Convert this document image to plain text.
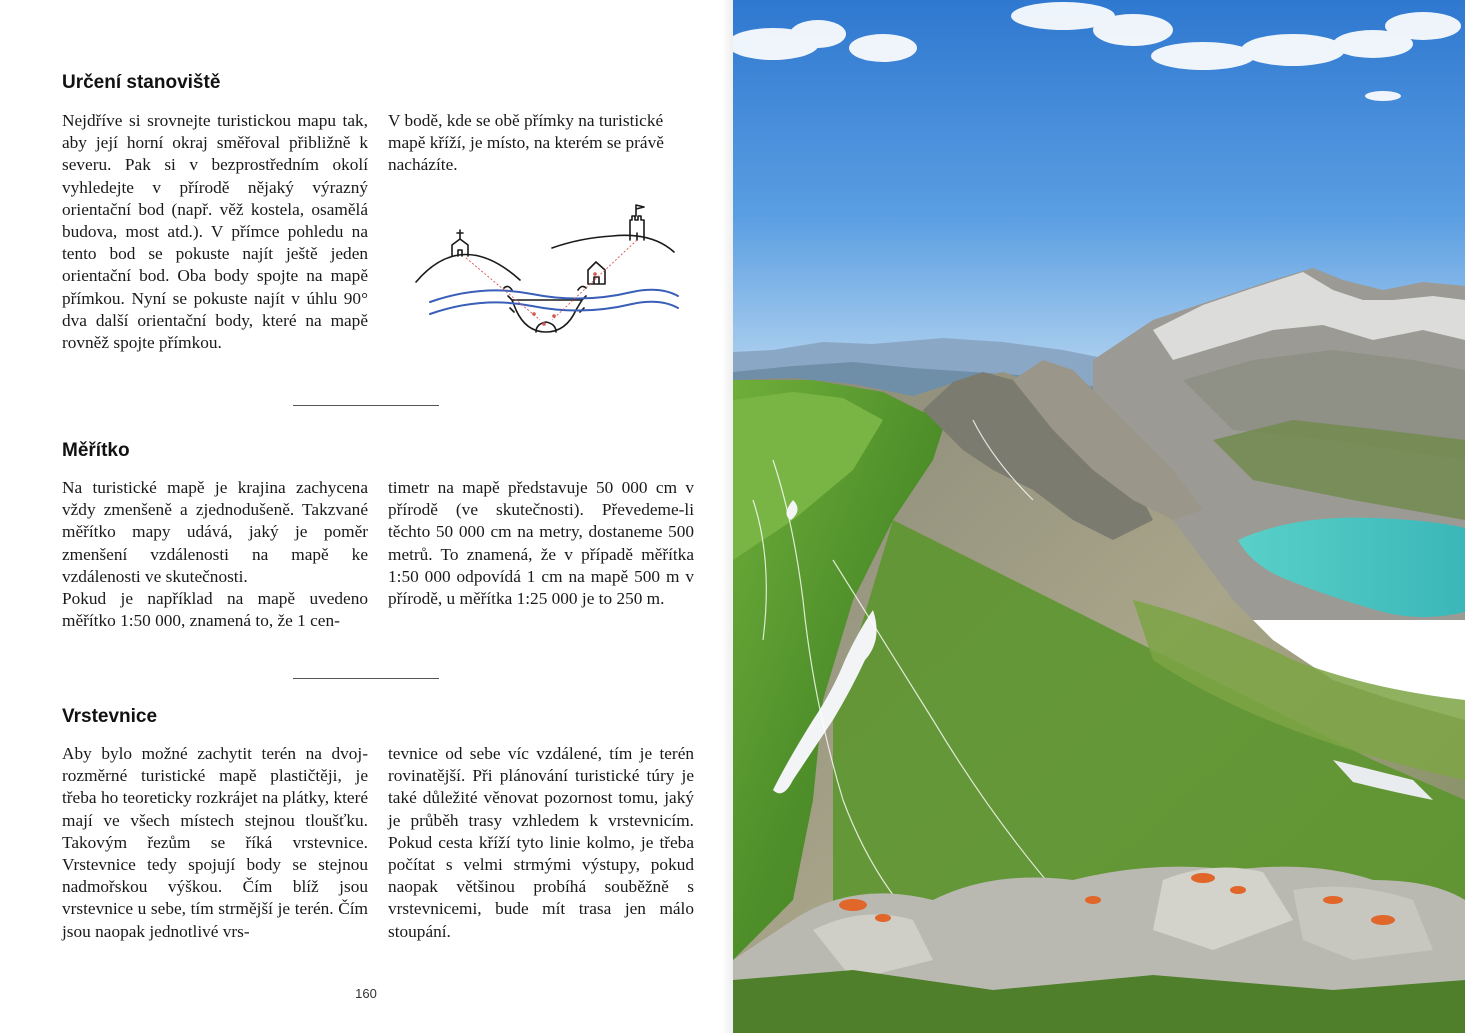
Určení stanoviště

Nejdříve si srovnejte turistickou mapu tak, aby její horní okraj směřoval přibližně k severu. Pak si v bezprostředním okolí vyhledejte v přírodě nějaký výrazný orientační bod (např. věž kostela, osamělá budova, most atd.). V přímce pohledu na tento bod se pokuste najít ještě jeden orientační bod. Oba body spojte na mapě přímkou. Nyní se pokuste najít v úhlu 90° dva další orientační body, které na mapě rovněž spojte přímkou.

V bodě, kde se obě přímky na turistické mapě kříží, je místo, na kterém se právě nacházíte.

Měřítko

Na turistické mapě je krajina zachycena vždy zmenšeně a zjednodušeně. Takzvané měřítko mapy udává, jaký je poměr zmenšení vzdálenosti na mapě ke vzdálenosti ve skutečnosti.

Pokud je například na mapě uvedeno měřítko 1:50 000, znamená to, že 1 cen-

timetr na mapě představuje 50 000 cm v přírodě (ve skutečnosti). Převedeme-li těchto 50 000 cm na metry, dostaneme 500 metrů. To znamená, že v případě měřítka 1:50 000 odpovídá 1 cm na mapě 500 m v přírodě, u měřítka 1:25 000 je to 250 m.

Vrstevnice

Aby bylo možné zachytit terén na dvojrozměrné turistické mapě plastičtěji, je třeba ho teoreticky rozkrájet na plátky, které mají ve všech místech stejnou tloušťku. Takovým řezům se říká vrstevnice. Vrstevnice tedy spojují body se stejnou nadmořskou výškou. Čím blíž jsou vrstevnice u sebe, tím strmější je terén. Čím jsou naopak jednotlivé vrs-

tevnice od sebe víc vzdálené, tím je terén rovinatější. Při plánování turistické túry je také důležité věnovat pozornost tomu, jaký je průběh trasy vzhledem k vrstevnicím. Pokud cesta kříží tyto linie kolmo, je třeba počítat s velmi strmými výstupy, pokud naopak většinou probíhá souběžně s vrstevnicemi, bude mít trasa jen málo stoupání.

160
